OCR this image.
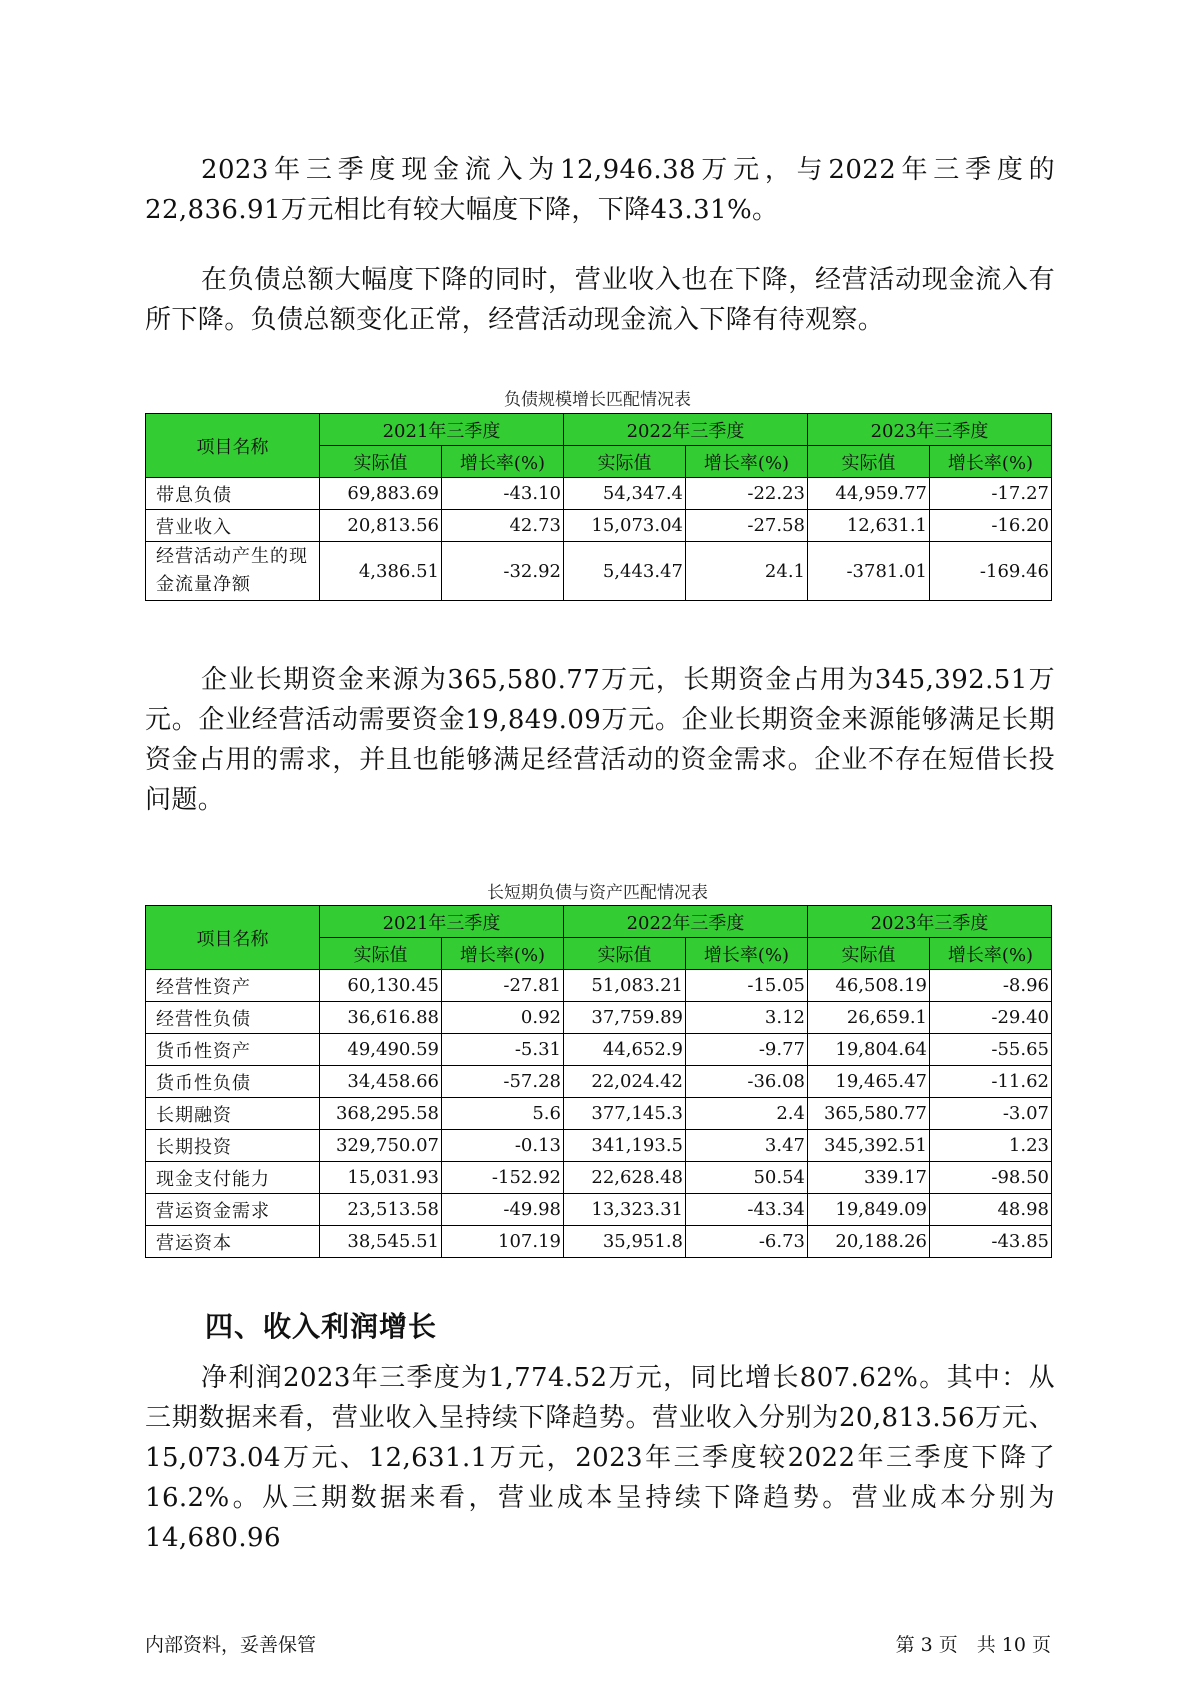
2023年三季度现金流入为12,946.38万元，与2022年三季度的22,836.91万元相比有较大幅度下降，下降43.31%。

在负债总额大幅度下降的同时，营业收入也在下降，经营活动现金流入有所下降。负债总额变化正常，经营活动现金流入下降有待观察。

负债规模增长匹配情况表
项目名称	2021年三季度		2022年三季度		2023年三季度	
	实际值	增长率(%)	实际值	增长率(%)	实际值	增长率(%)
带息负债	69,883.69	-43.10	54,347.4	-22.23	44,959.77	-17.27
营业收入	20,813.56	42.73	15,073.04	-27.58	12,631.1	-16.20
经营活动产生的现金流量净额	4,386.51	-32.92	5,443.47	24.1	-3781.01	-169.46

企业长期资金来源为365,580.77万元，长期资金占用为345,392.51万元。企业经营活动需要资金19,849.09万元。企业长期资金来源能够满足长期资金占用的需求，并且也能够满足经营活动的资金需求。企业不存在短借长投问题。

长短期负债与资产匹配情况表
项目名称	2021年三季度		2022年三季度		2023年三季度	
	实际值	增长率(%)	实际值	增长率(%)	实际值	增长率(%)
经营性资产	60,130.45	-27.81	51,083.21	-15.05	46,508.19	-8.96
经营性负债	36,616.88	0.92	37,759.89	3.12	26,659.1	-29.40
货币性资产	49,490.59	-5.31	44,652.9	-9.77	19,804.64	-55.65
货币性负债	34,458.66	-57.28	22,024.42	-36.08	19,465.47	-11.62
长期融资	368,295.58	5.6	377,145.3	2.4	365,580.77	-3.07
长期投资	329,750.07	-0.13	341,193.5	3.47	345,392.51	1.23
现金支付能力	15,031.93	-152.92	22,628.48	50.54	339.17	-98.50
营运资金需求	23,513.58	-49.98	13,323.31	-43.34	19,849.09	48.98
营运资本	38,545.51	107.19	35,951.8	-6.73	20,188.26	-43.85
四、收入利润增长

净利润2023年三季度为1,774.52万元，同比增长807.62%。其中：从三期数据来看，营业收入呈持续下降趋势。营业收入分别为20,813.56万元、15,073.04万元、12,631.1万元，2023年三季度较2022年三季度下降了16.2%。从三期数据来看，营业成本呈持续下降趋势。营业成本分别为14,680.96

内部资料，妥善保管	第 3 页　共 10 页
